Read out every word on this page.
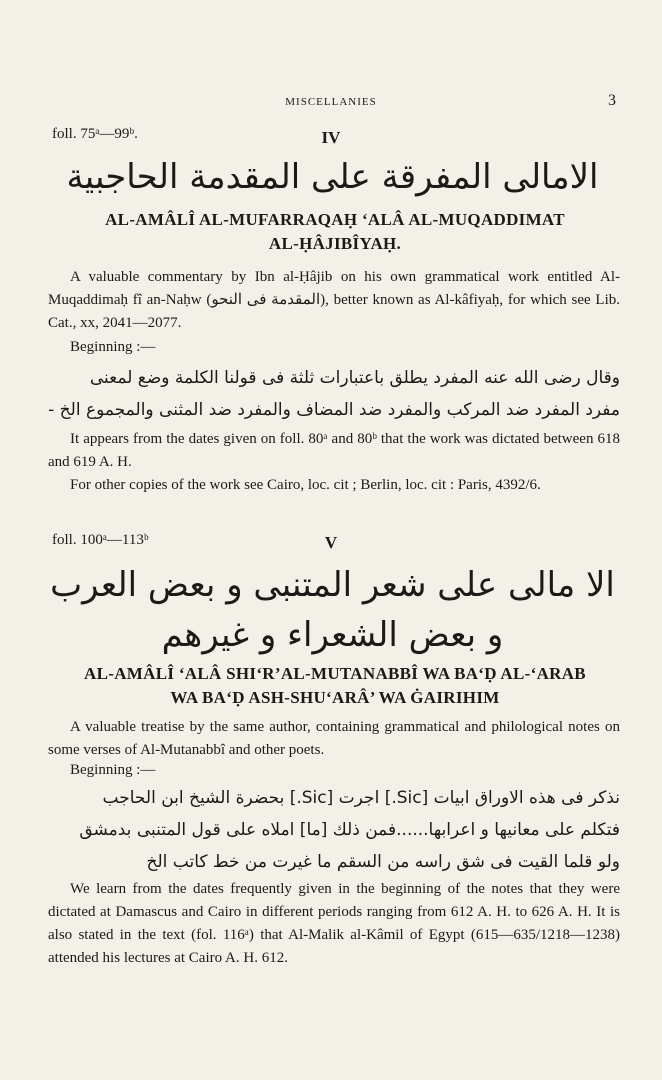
MISCELLANIES	3
foll. 75ᵃ—99ᵇ.	IV
الامالى المفرقة على المقدمة الحاجبية
AL-AMÂLÎ AL-MUFARRAQAḤ ‘ALÂ AL-MUQADDIMAT
AL-ḤÂJIBÎYAḤ.
A valuable commentary by Ibn al-Ḥâjib on his own grammatical work entitled Al-Muqaddimaḥ fî an-Naḥw (المقدمة فى النحو), better known as Al-kâfiyaḥ, for which see Lib. Cat., xx, 2041—2077.
Beginning :—
وقال رضى الله عنه المفرد يطلق باعتبارات ثلثة فى قولنا الكلمة وضع لمعنى
مفرد المفرد ضد المركب والمفرد ضد المضاف والمفرد ضد المثنى والمجموع الخ -
It appears from the dates given on foll. 80ᵃ and 80ᵇ that the work was dictated between 618 and 619 A. H.
For other copies of the work see Cairo, loc. cit ; Berlin, loc. cit : Paris, 4392/6.
foll. 100ᵃ—113ᵇ	V
الا مالى على شعر المتنبى و بعض العرب
و بعض الشعراء و غيرهم
AL-AMÂLÎ ‘ALÂ SHI‘R’AL-MUTANABBÎ WA BA‘Ḍ AL-‘ARAB
WA BA‘Ḍ ASH-SHU‘ARÂ’ WA ĠAIRIHIM
A valuable treatise by the same author, containing grammatical and philological notes on some verses of Al-Mutanabbî and other poets.
Beginning :—
نذكر فى هذه الاوراق ابيات [Sic.] اجرت [Sic.] بحضرة الشيخ ابن الحاجب
فتكلم على معانيها و اعرابها......فمن ذلك [ما] املاه على قول المتنبى بدمشق
ولو قلما القيت فى شق راسه من السقم ما غيرت من خط كاتب الخ
We learn from the dates frequently given in the beginning of the notes that they were dictated at Damascus and Cairo in different periods ranging from 612 A. H. to 626 A. H. It is also stated in the text (fol. 116ᵃ) that Al-Malik al-Kâmil of Egypt (615—635/1218—1238) attended his lectures at Cairo A. H. 612.
